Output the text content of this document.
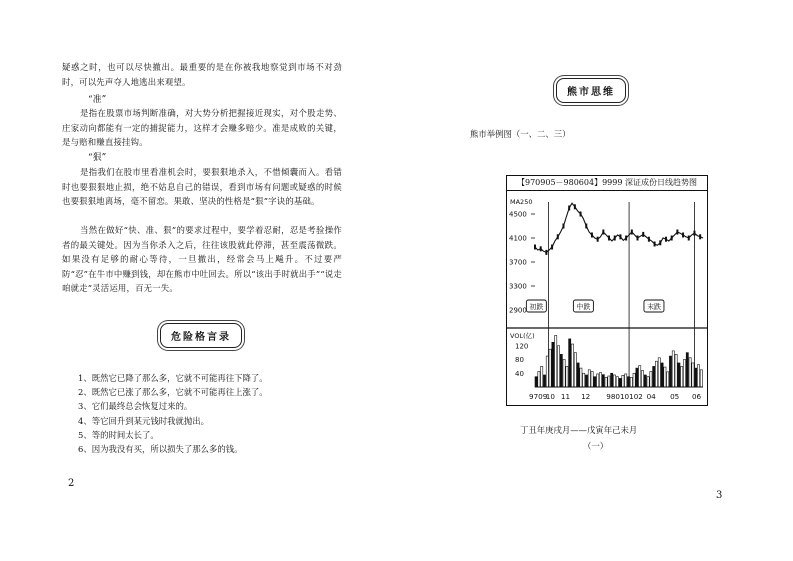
疑惑之时，也可以尽快撤出。最重要的是在你被我地察觉到市场不对劲时，可以先声夺人地逃出来观望。
“准”
是指在股票市场判断准确，对大势分析把握接近现实，对个股走势、庄家动向都能有一定的捕捉能力，这样才会赚多赔少。准是成败的关键，是与赔和赚直接挂钩。
“狠”
是指我们在股市里看准机会时，要狠狠地杀入，不惜倾囊而入。看错时也要狠狠地止损，绝不姑息自己的错误，看到市场有问题或疑惑的时候也要狠狠地离场，毫不留恋。果敢、坚决的性格是“狠”字诀的基础。
当然在做好“快、准、狠”的要求过程中，要学着忍耐，忍是考验操作者的最关键处。因为当你杀入之后，往往该股就此停滞，甚至震荡微跌。如果没有足够的耐心等待，一旦撤出，经常会马上飚升。不过要严防“忍”在牛市中赚到钱，却在熊市中吐回去。所以“该出手时就出手”“说走咱就走”灵活运用，百无一失。
危险格言录
1、既然它已降了那么多，它就不可能再往下降了。
2、既然它已涨了那么多，它就不可能再往上涨了。
3、它们最终总会恢复过来的。
4、等它回升到某元钱时我就抛出。
5、等的时间太长了。
6、因为我没有买，所以损失了那么多的钱。
2
熊市思维
3
熊市举例图（一、二、三）
【970905－980604】9999 深证成份日线趋势图
MA250
4500
4100
3700
3300
2900 初跌	中跌	末跌
VOL(亿)
120
80
40
9709
10 11 12 98010102 04 05 06
丁丑年庚戌月——戊寅年己未月
（一）
